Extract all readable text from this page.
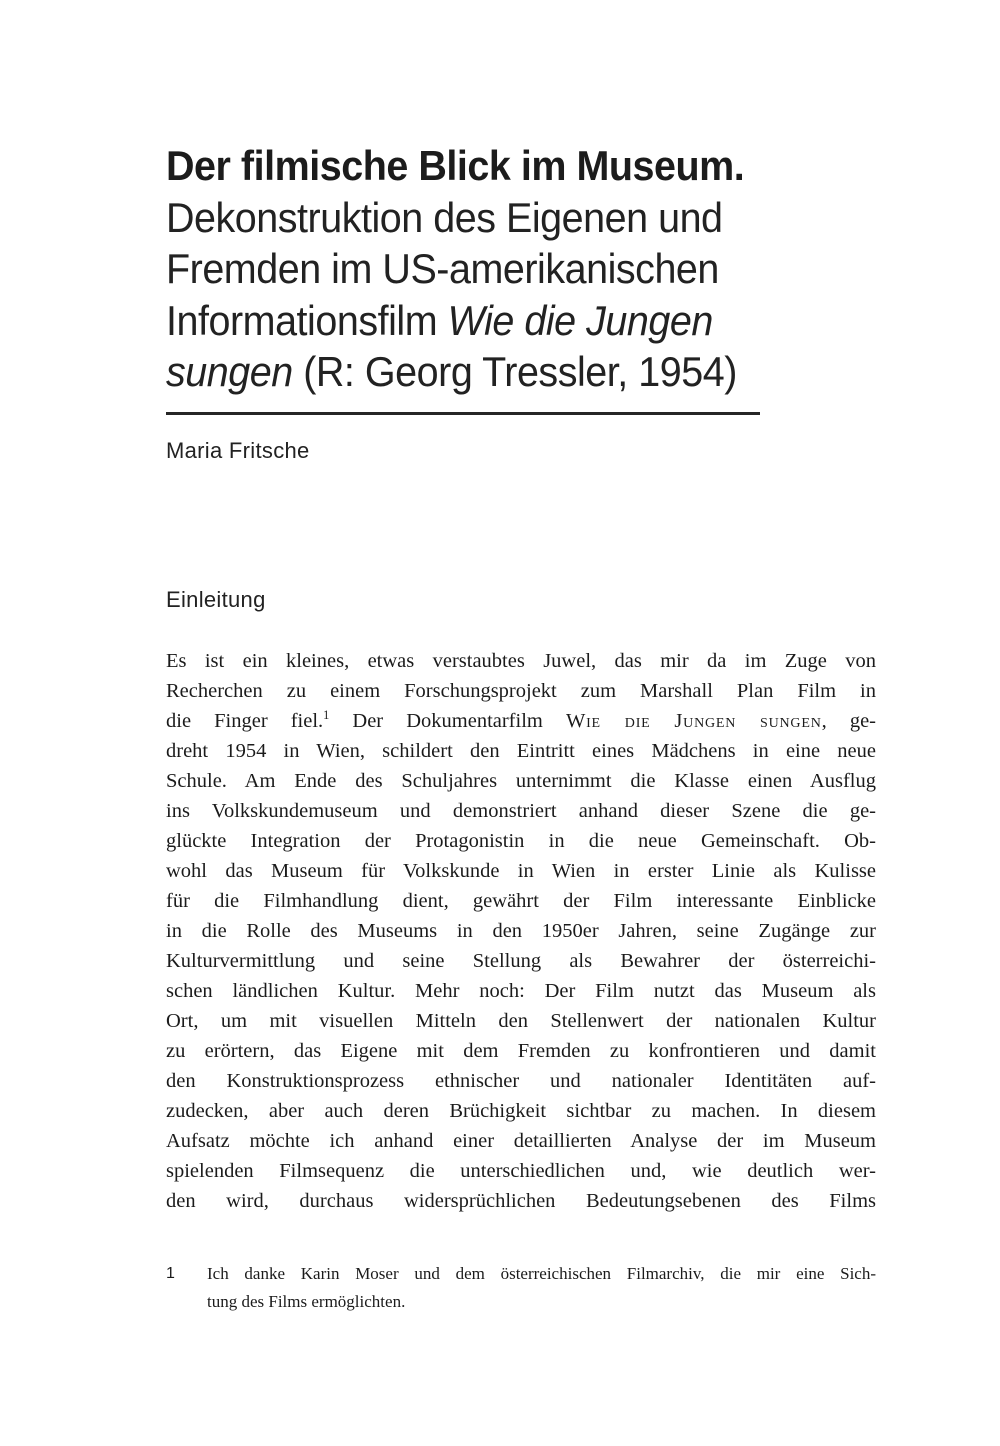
Der filmische Blick im Museum.
Dekonstruktion des Eigenen und
Fremden im US-amerikanischen
Informationsfilm Wie die Jungen
sungen (R: Georg Tressler, 1954)
Maria Fritsche
Einleitung
Es ist ein kleines, etwas verstaubtes Juwel, das mir da im Zuge von
Recherchen zu einem Forschungsprojekt zum Marshall Plan Film in
die Finger fiel.$^1$ Der Dokumentarfilm Wie die Jungen sungen, ge-
dreht 1954 in Wien, schildert den Eintritt eines Mädchens in eine neue
Schule. Am Ende des Schuljahres unternimmt die Klasse einen Ausflug
ins Volkskundemuseum und demonstriert anhand dieser Szene die ge-
glückte Integration der Protagonistin in die neue Gemeinschaft. Ob-
wohl das Museum für Volkskunde in Wien in erster Linie als Kulisse
für die Filmhandlung dient, gewährt der Film interessante Einblicke
in die Rolle des Museums in den 1950er Jahren, seine Zugänge zur
Kulturvermittlung und seine Stellung als Bewahrer der österreichi-
schen ländlichen Kultur. Mehr noch: Der Film nutzt das Museum als
Ort, um mit visuellen Mitteln den Stellenwert der nationalen Kultur
zu erörtern, das Eigene mit dem Fremden zu konfrontieren und damit
den Konstruktionsprozess ethnischer und nationaler Identitäten auf-
zudecken, aber auch deren Brüchigkeit sichtbar zu machen. In diesem
Aufsatz möchte ich anhand einer detaillierten Analyse der im Museum
spielenden Filmsequenz die unterschiedlichen und, wie deutlich wer-
den wird, durchaus widersprüchlichen Bedeutungsebenen des Films
1	Ich danke Karin Moser und dem österreichischen Filmarchiv, die mir eine Sich-
tung des Films ermöglichten.
